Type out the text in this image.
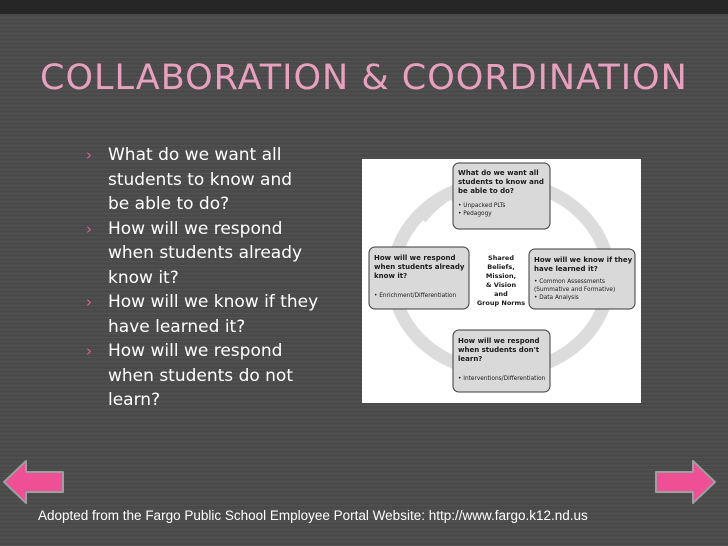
COLLABORATION & COORDINATION
› What do we want all
students to know and
be able to do?
› How will we respond
when students already
know it?
› How will we know if they
have learned it?
› How will we respond
when students do not
learn?
Shared
Beliefs,
Mission,
& Vision
and
Group Norms
What do we want all
students to know and
be able to do?
• Unpacked PLTs
• Pedagogy
How will we respond
when students already
know it?
• Enrichment/Differentiation
How will we know if they
have learned it?
• Common Assessments
(Summative and Formative)
• Data Analysis
How will we respond
when students don't
learn?
• Interventions/Differentiation
Adopted from the Fargo Public School Employee Portal Website: http://www.fargo.k12.nd.us
